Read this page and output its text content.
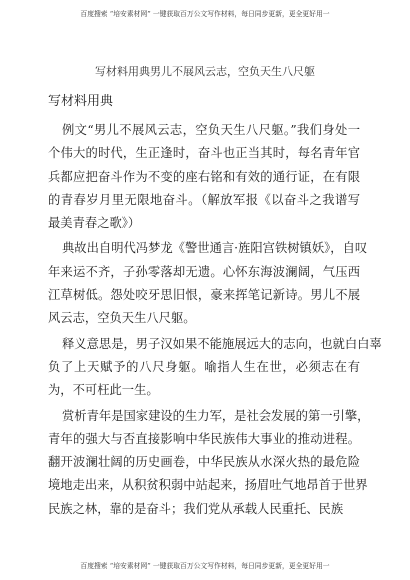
百度搜索 “培安素材网” 一键获取百万公文写作材料，每日同步更新，更全更好用一
写材料用典男儿不展风云志，空负天生八尺躯
写材料用典
例文“男儿不展风云志，空负天生八尺躯。”我们身处一
个伟大的时代，生正逢时，奋斗也正当其时，每名青年官
兵都应把奋斗作为不变的座右铭和有效的通行证，在有限
的青春岁月里无限地奋斗。（解放军报《以奋斗之我谱写
最美青春之歌》）
典故出自明代冯梦龙《警世通言·旌阳宫铁树镇妖》，自叹
年来运不齐，子孙零落却无遗。心怀东海波澜阔，气压西
江草树低。怨处咬牙思旧恨，豪来挥笔记新诗。男儿不展
风云志，空负天生八尺躯。
释义意思是，男子汉如果不能施展远大的志向，也就白白辜
负了上天赋予的八尺身躯。喻指人生在世，必须志在有
为，不可枉此一生。
赏析青年是国家建设的生力军，是社会发展的第一引擎，
青年的强大与否直接影响中华民族伟大事业的推动进程。
翻开波澜壮阔的历史画卷，中华民族从水深火热的最危险
境地走出来，从积贫积弱中站起来，扬眉吐气地昂首于世界
民族之林，靠的是奋斗；我们党从承载人民重托、民族
百度搜索 “培安素材网” 一键获取百万公文写作材料，每日同步更新，更全更好用一
